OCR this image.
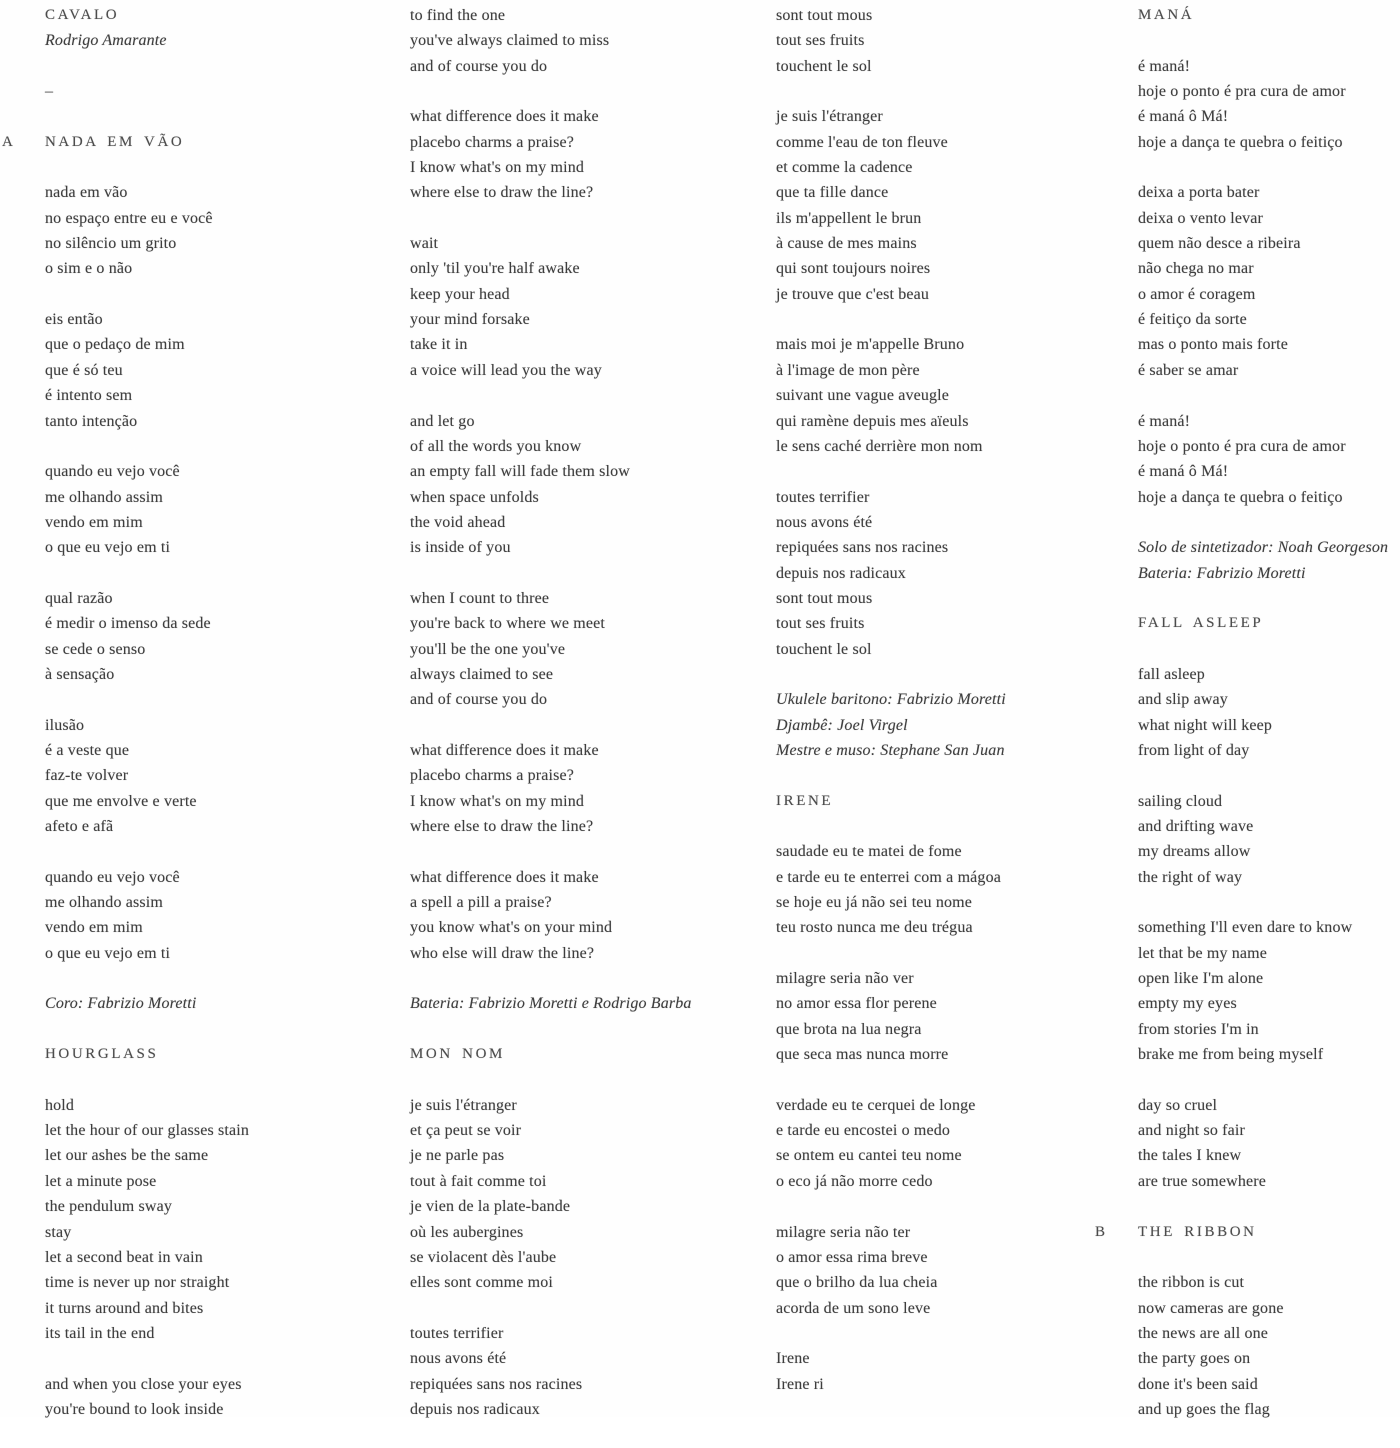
CAVALO
Rodrigo Amarante
–
NADA EM VÃO
A
nada em vão
no espaço entre eu e você
no silêncio um grito
o sim e o não
eis então
que o pedaço de mim
que é só teu
é intento sem
tanto intenção
quando eu vejo você
me olhando assim
vendo em mim
o que eu vejo em ti
qual razão
é medir o imenso da sede
se cede o senso
à sensação
ilusão
é a veste que
faz-te volver
que me envolve e verte
afeto e afã
quando eu vejo você
me olhando assim
vendo em mim
o que eu vejo em ti
Coro: Fabrizio Moretti
HOURGLASS
hold
let the hour of our glasses stain
let our ashes be the same
let a minute pose
the pendulum sway
stay
let a second beat in vain
time is never up nor straight
it turns around and bites
its tail in the end
and when you close your eyes
you're bound to look inside
to find the one
you've always claimed to miss
and of course you do
what difference does it make
placebo charms a praise?
I know what's on my mind
where else to draw the line?
wait
only 'til you're half awake
keep your head
your mind forsake
take it in
a voice will lead you the way
and let go
of all the words you know
an empty fall will fade them slow
when space unfolds
the void ahead
is inside of you
when I count to three
you're back to where we meet
you'll be the one you've
always claimed to see
and of course you do
what difference does it make
placebo charms a praise?
I know what's on my mind
where else to draw the line?
what difference does it make
a spell a pill a praise?
you know what's on your mind
who else will draw the line?
Bateria: Fabrizio Moretti e Rodrigo Barba
MON NOM
je suis l'étranger
et ça peut se voir
je ne parle pas
tout à fait comme toi
je vien de la plate-bande
où les aubergines
se violacent dès l'aube
elles sont comme moi
toutes terrifier
nous avons été
repiquées sans nos racines
depuis nos radicaux
sont tout mous
tout ses fruits
touchent le sol
je suis l'étranger
comme l'eau de ton fleuve
et comme la cadence
que ta fille dance
ils m'appellent le brun
à cause de mes mains
qui sont toujours noires
je trouve que c'est beau
mais moi je m'appelle Bruno
à l'image de mon père
suivant une vague aveugle
qui ramène depuis mes aïeuls
le sens caché derrière mon nom
toutes terrifier
nous avons été
repiquées sans nos racines
depuis nos radicaux
sont tout mous
tout ses fruits
touchent le sol
Ukulele baritono: Fabrizio Moretti
Djambê: Joel Virgel
Mestre e muso: Stephane San Juan
IRENE
saudade eu te matei de fome
e tarde eu te enterrei com a mágoa
se hoje eu já não sei teu nome
teu rosto nunca me deu trégua
milagre seria não ver
no amor essa flor perene
que brota na lua negra
que seca mas nunca morre
verdade eu te cerquei de longe
e tarde eu encostei o medo
se ontem eu cantei teu nome
o eco já não morre cedo
milagre seria não ter
o amor essa rima breve
que o brilho da lua cheia
acorda de um sono leve
Irene
Irene ri
MANÁ
é maná!
hoje o ponto é pra cura de amor
é maná ô Má!
hoje a dança te quebra o feitiço
deixa a porta bater
deixa o vento levar
quem não desce a ribeira
não chega no mar
o amor é coragem
é feitiço da sorte
mas o ponto mais forte
é saber se amar
é maná!
hoje o ponto é pra cura de amor
é maná ô Má!
hoje a dança te quebra o feitiço
Solo de sintetizador: Noah Georgeson
Bateria: Fabrizio Moretti
FALL ASLEEP
fall asleep
and slip away
what night will keep
from light of day
sailing cloud
and drifting wave
my dreams allow
the right of way
something I'll even dare to know
let that be my name
open like I'm alone
empty my eyes
from stories I'm in
brake me from being myself
day so cruel
and night so fair
the tales I knew
are true somewhere
THE RIBBON
B
the ribbon is cut
now cameras are gone
the news are all one
the party goes on
done it's been said
and up goes the flag
